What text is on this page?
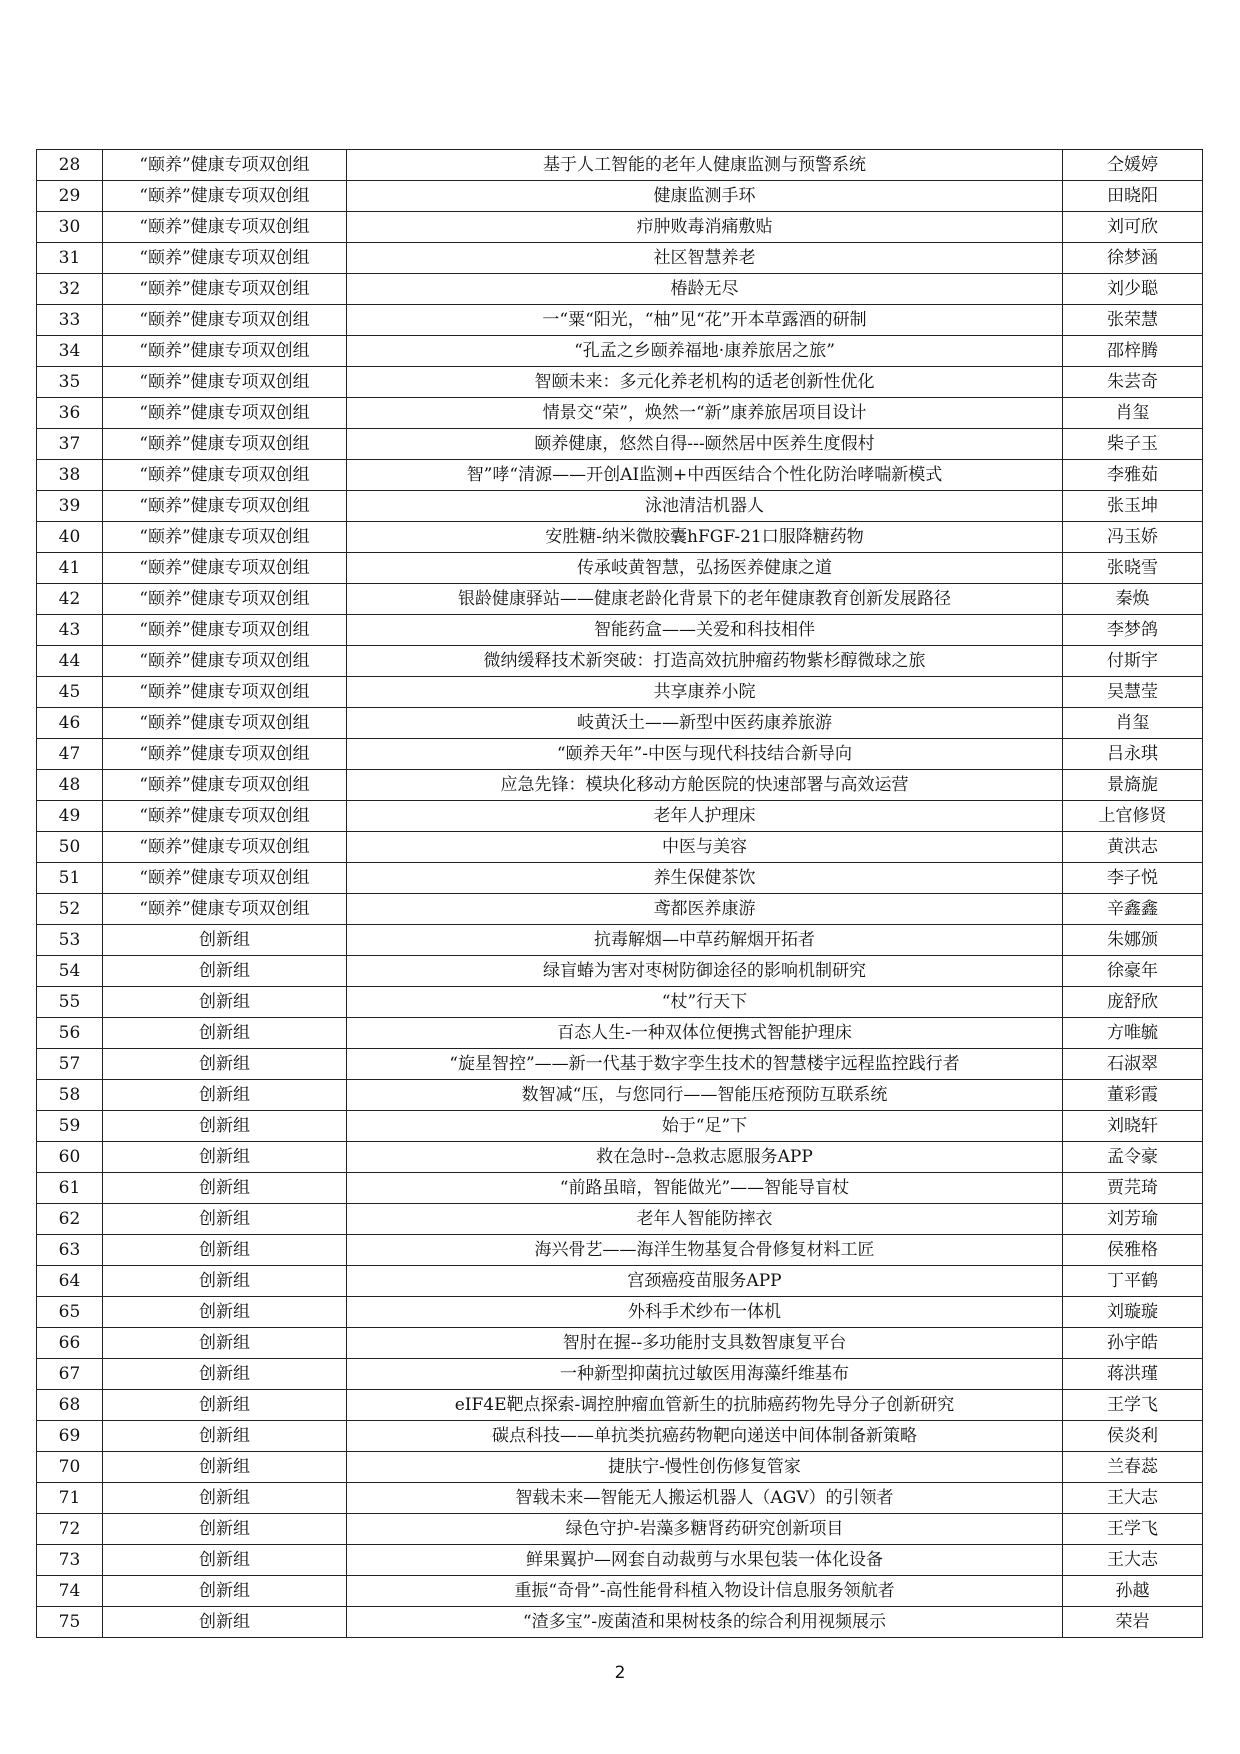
28	“颐养”健康专项双创组	基于人工智能的老年人健康监测与预警系统	仝媛婷
29	“颐养”健康专项双创组	健康监测手环	田晓阳
30	“颐养”健康专项双创组	疖肿败毒消痛敷贴	刘可欣
31	“颐养”健康专项双创组	社区智慧养老	徐梦涵
32	“颐养”健康专项双创组	椿龄无尽	刘少聪
33	“颐养”健康专项双创组	一“粟“阳光，“柚”见“花”开本草露酒的研制	张荣慧
34	“颐养”健康专项双创组	“孔孟之乡颐养福地·康养旅居之旅”	邵梓腾
35	“颐养”健康专项双创组	智颐未来：多元化养老机构的适老创新性优化	朱芸奇
36	“颐养”健康专项双创组	情景交“荣”，焕然一“新”康养旅居项目设计	肖玺
37	“颐养”健康专项双创组	颐养健康，悠然自得---颐然居中医养生度假村	柴子玉
38	“颐养”健康专项双创组	智”哮“清源——开创AI监测+中西医结合个性化防治哮喘新模式	李雅茹
39	“颐养”健康专项双创组	泳池清洁机器人	张玉坤
40	“颐养”健康专项双创组	安胜糖-纳米微胶囊hFGF-21口服降糖药物	冯玉娇
41	“颐养”健康专项双创组	传承岐黄智慧，弘扬医养健康之道	张晓雪
42	“颐养”健康专项双创组	银龄健康驿站——健康老龄化背景下的老年健康教育创新发展路径	秦焕
43	“颐养”健康专项双创组	智能药盒——关爱和科技相伴	李梦鸽
44	“颐养”健康专项双创组	微纳缓释技术新突破：打造高效抗肿瘤药物紫杉醇微球之旅	付斯宇
45	“颐养”健康专项双创组	共享康养小院	吴慧莹
46	“颐养”健康专项双创组	岐黄沃土——新型中医药康养旅游	肖玺
47	“颐养”健康专项双创组	“颐养天年”-中医与现代科技结合新导向	吕永琪
48	“颐养”健康专项双创组	应急先锋：模块化移动方舱医院的快速部署与高效运营	景旖旎
49	“颐养”健康专项双创组	老年人护理床	上官修贤
50	“颐养”健康专项双创组	中医与美容	黄洪志
51	“颐养”健康专项双创组	养生保健茶饮	李子悦
52	“颐养”健康专项双创组	鸢都医养康游	辛鑫鑫
53	创新组	抗毒解烟—中草药解烟开拓者	朱娜颁
54	创新组	绿盲蝽为害对枣树防御途径的影响机制研究	徐豪年
55	创新组	“杖”行天下	庞舒欣
56	创新组	百态人生-一种双体位便携式智能护理床	方唯毓
57	创新组	“旋星智控”——新一代基于数字孪生技术的智慧楼宇远程监控践行者	石淑翠
58	创新组	数智减“压，与您同行——智能压疮预防互联系统	董彩霞
59	创新组	始于“足”下	刘晓轩
60	创新组	救在急时--急救志愿服务APP	孟令豪
61	创新组	“前路虽暗，智能做光”——智能导盲杖	贾芫琦
62	创新组	老年人智能防摔衣	刘芳瑜
63	创新组	海兴骨艺——海洋生物基复合骨修复材料工匠	侯雅格
64	创新组	宫颈癌疫苗服务APP	丁平鹤
65	创新组	外科手术纱布一体机	刘璇璇
66	创新组	智肘在握--多功能肘支具数智康复平台	孙宇皓
67	创新组	一种新型抑菌抗过敏医用海藻纤维基布	蒋洪瑾
68	创新组	eIF4E靶点探索-调控肿瘤血管新生的抗肺癌药物先导分子创新研究	王学飞
69	创新组	碳点科技——单抗类抗癌药物靶向递送中间体制备新策略	侯炎利
70	创新组	捷肤宁-慢性创伤修复管家	兰春蕊
71	创新组	智载未来—智能无人搬运机器人（AGV）的引领者	王大志
72	创新组	绿色守护-岩藻多糖肾药研究创新项目	王学飞
73	创新组	鲜果翼护—网套自动裁剪与水果包装一体化设备	王大志
74	创新组	重振“奇骨”-高性能骨科植入物设计信息服务领航者	孙越
75	创新组	“渣多宝”-废菌渣和果树枝条的综合利用视频展示	荣岩
2
